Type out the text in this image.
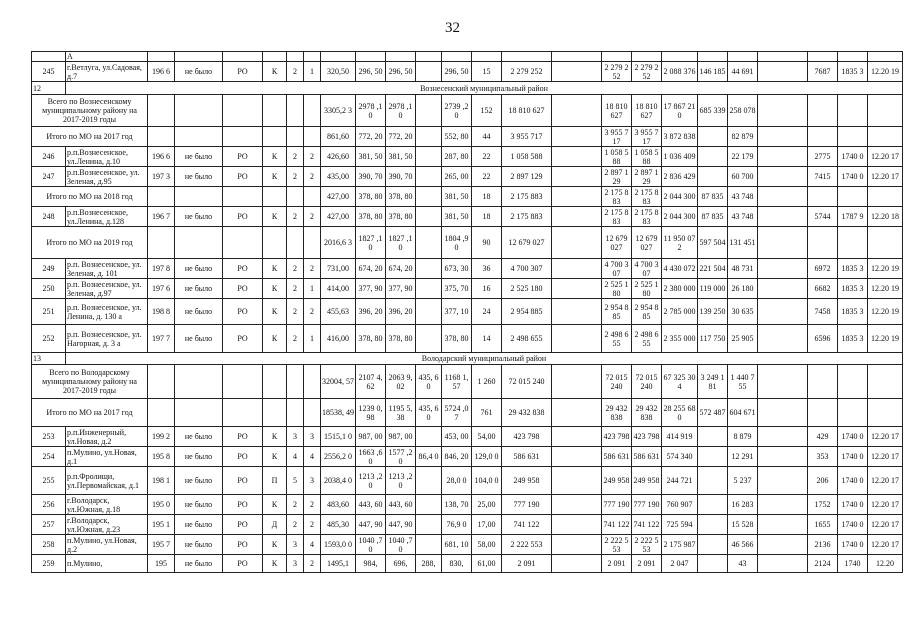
32
	А																							
245	г.Ветлуга, ул.Садовая, д.7	196 6	не было	РО	К	2	1	320,50	296, 50	296, 50		296, 50	15	2 279 252		2 279 252	2 279 252	2 088 376	146 185	44 691		7687	1835 3	12.20 19
12	Вознесенский муниципальный район																							
Всего по Вознесенскому муниципальному району на 2017-2019 годы								3305,2 3	2978 ,10	2978 ,10		2739 ,20	152	18 810 627		18 810 627	18 810 627	17 867 210	685 339	258 078				
Итого по МО на 2017 год								861,60	772, 20	772, 20		552, 80	44	3 955 717		3 955 717	3 955 717	3 872 838		82 879				
246	р.п.Вознесенское, ул.Ленина, д.10	196 6	не было	РО	К	2	2	426,60	381, 50	381, 50		287, 80	22	1 058 588		1 058 588	1 058 588	1 036 409		22 179		2775	1740 0	12.20 17
247	р.п.Вознесенское, ул. Зеленая, д.95	197 3	не было	РО	К	2	2	435,00	390, 70	390, 70		265, 00	22	2 897 129		2 897 129	2 897 129	2 836 429		60 700		7415	1740 0	12.20 17
Итого по МО на 2018 год								427,00	378, 80	378, 80		381, 50	18	2 175 883		2 175 883	2 175 883	2 044 300	87 835	43 748				
248	р.п.Вознесенское, ул.Ленина, д.128	196 7	не было	РО	К	2	2	427,00	378, 80	378, 80		381, 50	18	2 175 883		2 175 883	2 175 883	2 044 300	87 835	43 748		5744	1787 9	12.20 18
Итого по МО на 2019 год								2016,6 3	1827 ,10	1827 ,10		1804 ,90	90	12 679 027		12 679 027	12 679 027	11 950 072	597 504	131 451				
249	р.п. Вознесенское, ул. Зеленая, д. 101	197 8	не было	РО	К	2	2	731,00	674, 20	674, 20		673, 30	36	4 700 307		4 700 307	4 700 307	4 430 072	221 504	48 731		6972	1835 3	12.20 19
250	р.п. Вознесенское, ул. Зеленая, д.97	197 6	не было	РО	К	2	1	414,00	377, 90	377, 90		375, 70	16	2 525 180		2 525 180	2 525 180	2 380 000	119 000	26 180		6682	1835 3	12.20 19
251	р.п. Вознесенское, ул. Ленина, д. 130 а	198 8	не было	РО	К	2	2	455,63	396, 20	396, 20		377, 10	24	2 954 885		2 954 885	2 954 885	2 785 000	139 250	30 635		7458	1835 3	12.20 19
252	р.п. Вознесенское, ул. Нагорная, д. 3 а	197 7	не было	РО	К	2	1	416,00	378, 80	378, 80		378, 80	14	2 498 655		2 498 655	2 498 655	2 355 000	117 750	25 905		6596	1835 3	12.20 19
13	Володарский муниципальный район																							
Всего по Володарскому муниципальному району на 2017-2019 годы								32004, 57	2107 4,62	2063 9,02	435, 60	1168 1,57	1 260	72 015 240		72 015 240	72 015 240	67 325 304	3 249 181	1 440 755				
Итого по МО на 2017 год								18538, 49	1239 0,98	1195 5,38	435, 60	5724 ,07	761	29 432 838		29 432 838	29 432 838	28 255 680	572 487	604 671				
253	р.п.Инженерный, ул.Новая, д.2	199 2	не было	РО	К	3	3	1515,1 0	987, 00	987, 00		453, 00	54,00	423 798		423 798	423 798	414 919		8 879		429	1740 0	12.20 17
254	п.Мулино, ул.Новая, д.1	195 8	не было	РО	К	4	4	2556,2 0	1663 ,60	1577 ,20	86,4 0	846, 20	129,0 0	586 631		586 631	586 631	574 340		12 291		353	1740 0	12.20 17
255	р.п.Фролищи, ул.Первомайская, д.1	198 1	не было	РО	П	5	3	2038,4 0	1213 ,20	1213 ,20		28,0 0	104,0 0	249 958		249 958	249 958	244 721		5 237		206	1740 0	12.20 17
256	г.Володарск, ул.Южная, д.18	195 0	не было	РО	К	2	2	483,60	443, 60	443, 60		138, 70	25,00	777 190		777 190	777 190	760 907		16 283		1752	1740 0	12.20 17
257	г.Володарск, ул.Южная, д.23	195 1	не было	РО	Д	2	2	485,30	447, 90	447, 90		76,9 0	17,00	741 122		741 122	741 122	725 594		15 528		1655	1740 0	12.20 17
258	п.Мулино, ул.Новая, д.2	195 7	не было	РО	К	3	4	1593,0 0	1040 ,70	1040 ,70		681, 10	58,00	2 222 553		2 222 553	2 222 553	2 175 987		46 566		2136	1740 0	12.20 17
259	п.Мулино,	195	не было	РО	К	3	2	1495,1	984,	696,	288,	830,	61,00	2 091		2 091	2 091	2 047		43		2124	1740	12.20
